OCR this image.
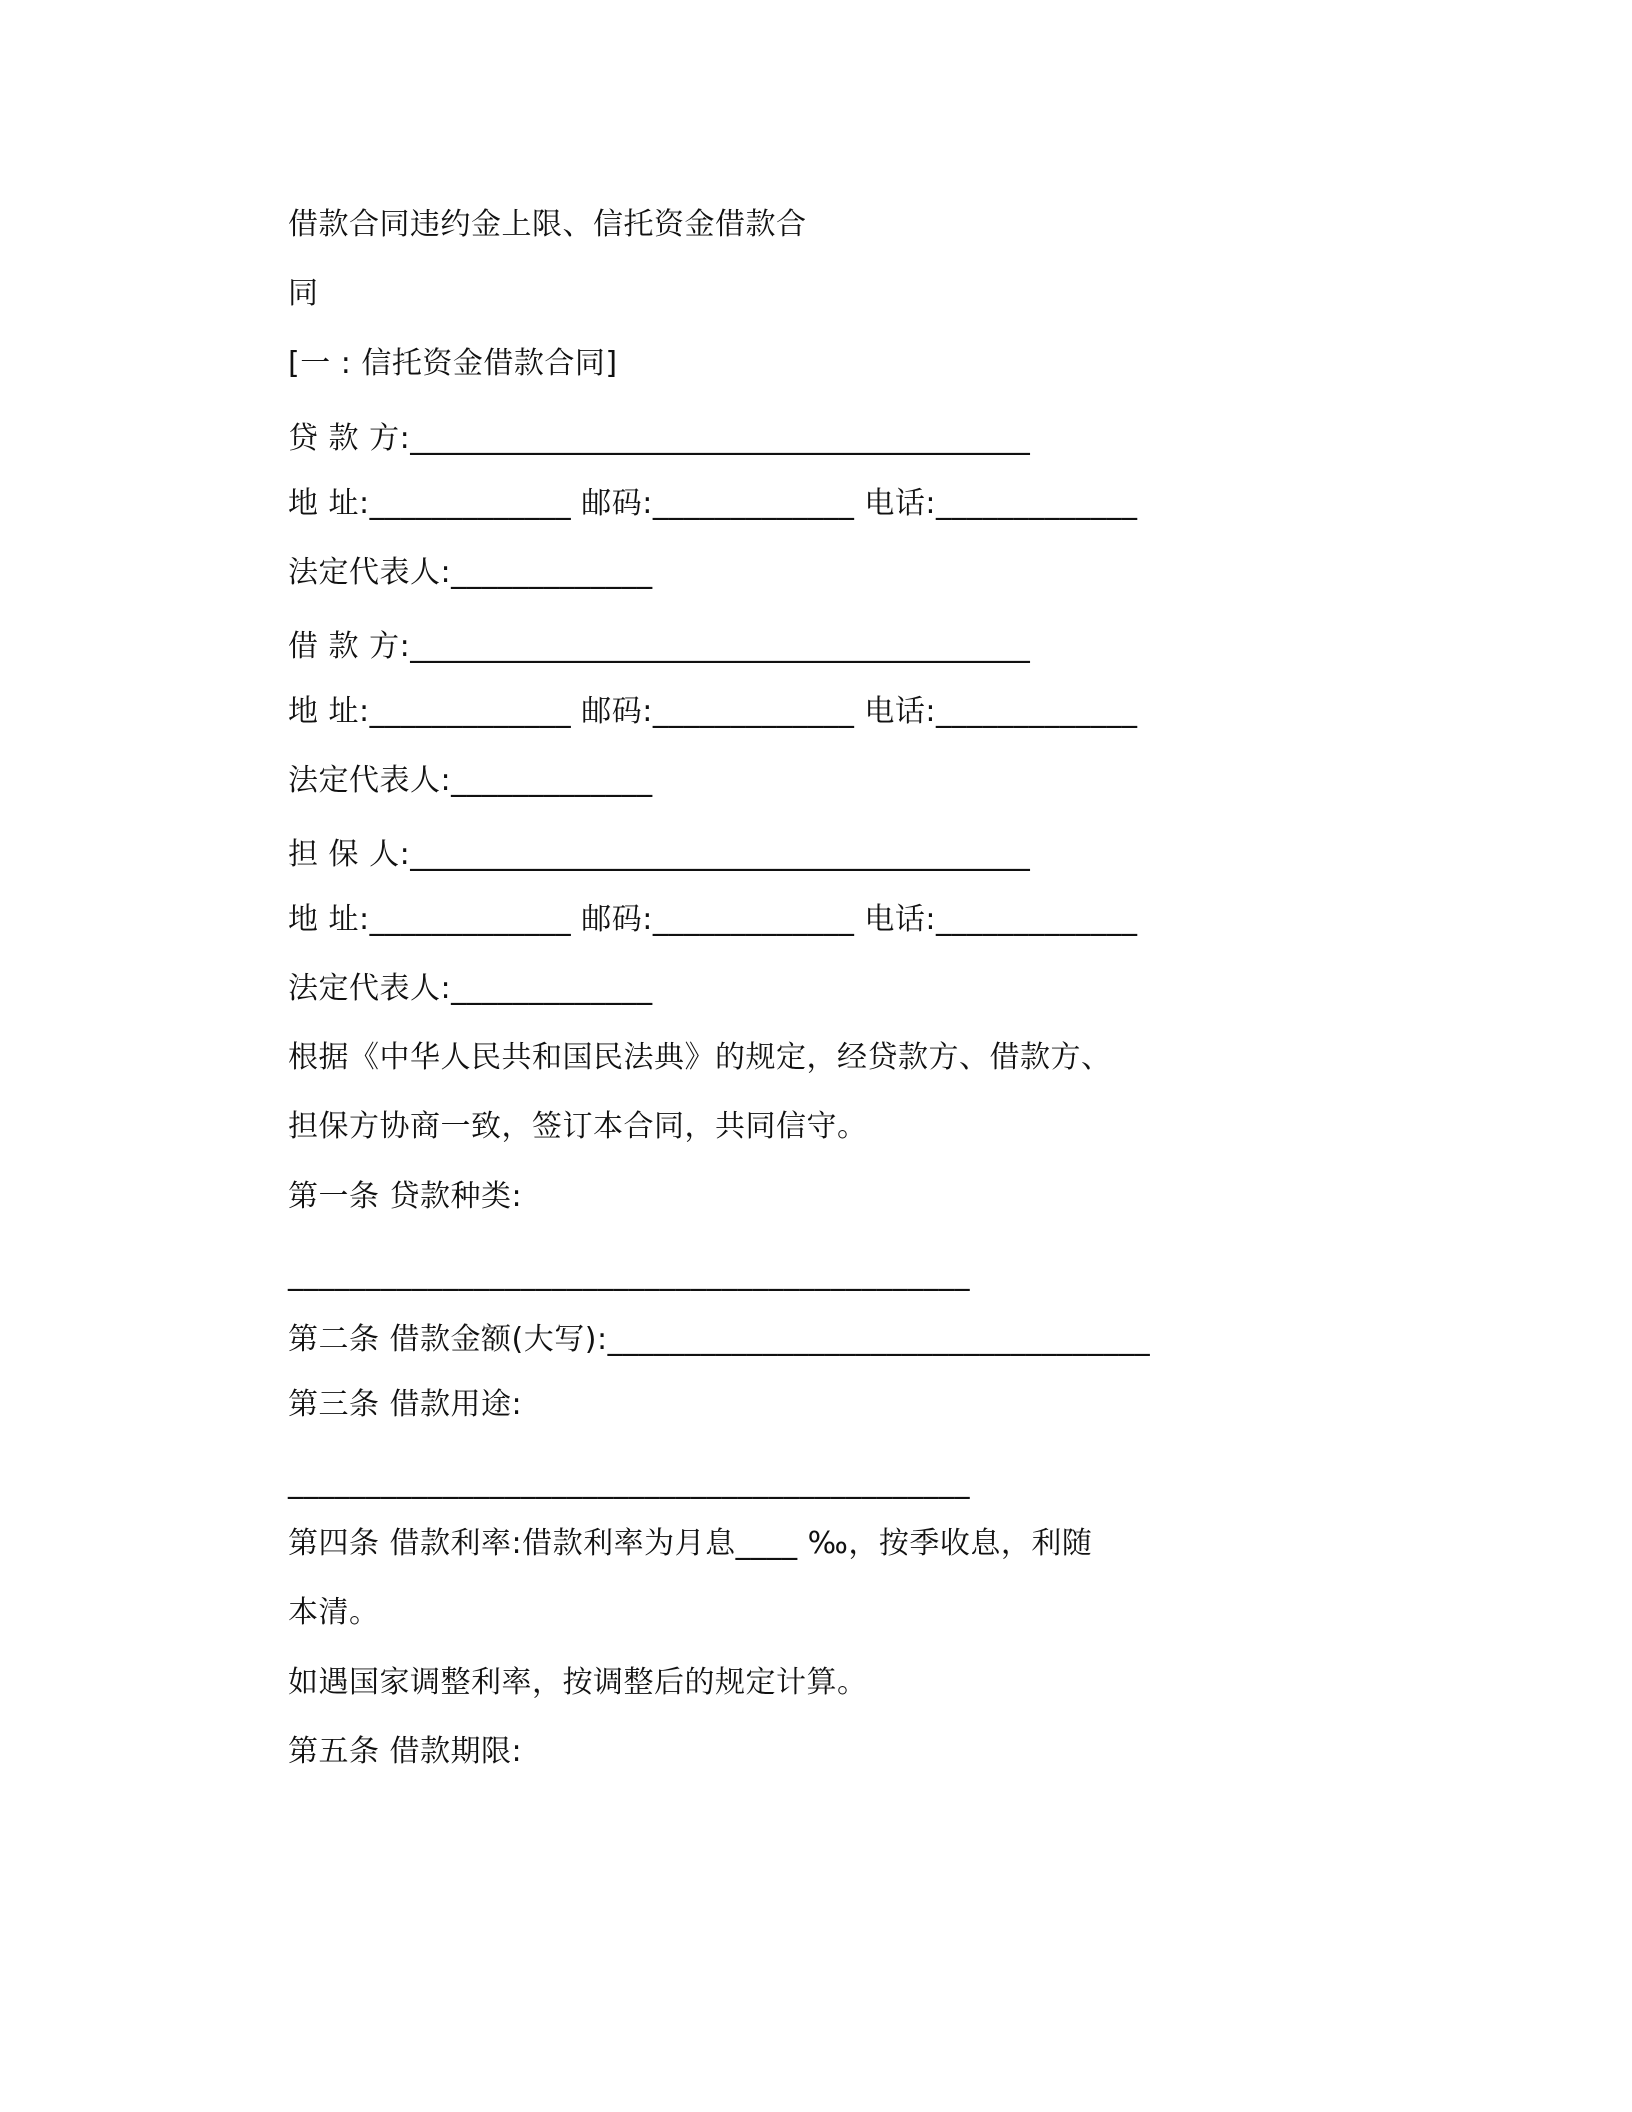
借款合同违约金上限、信托资金借款合
同
[一 : 信托资金借款合同]
贷 款 方:________________________________________
地 址:_____________ 邮码:_____________ 电话:_____________
法定代表人:_____________
借 款 方:________________________________________
地 址:_____________ 邮码:_____________ 电话:_____________
法定代表人:_____________
担 保 人:________________________________________
地 址:_____________ 邮码:_____________ 电话:_____________
法定代表人:_____________
根据《中华人民共和国民法典》的规定，经贷款方、借款方、
担保方协商一致，签订本合同，共同信守。
第一条 贷款种类:
____________________________________________
第二条 借款金额(大写):___________________________________
第三条 借款用途:
____________________________________________
第四条 借款利率:借款利率为月息____ ‰，按季收息，利随
本清。
如遇国家调整利率，按调整后的规定计算。
第五条 借款期限:
